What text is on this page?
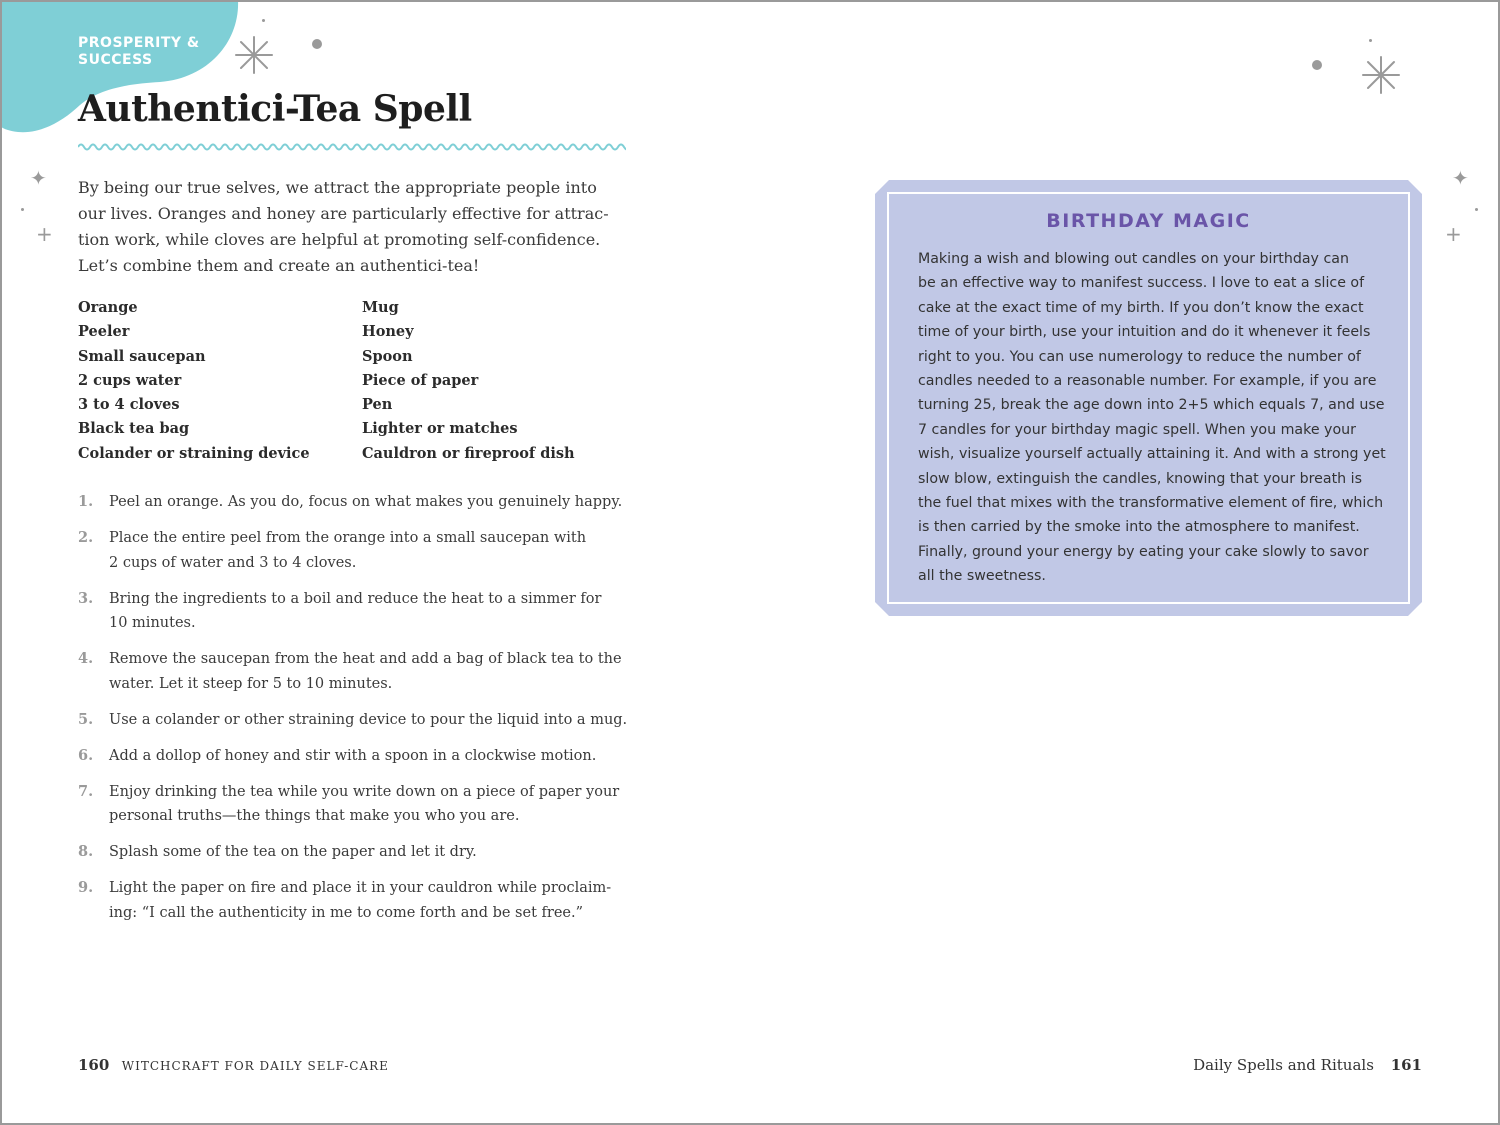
PROSPERITY & SUCCESS
✦
+
Authentici-Tea Spell
By being our true selves, we attract the appropriate people into
our lives. Oranges and honey are particularly effective for attrac-
tion work, while cloves are helpful at promoting self-confidence.
Let’s combine them and create an authentici-tea!
Orange	Mug
Peeler	Honey
Small saucepan	Spoon
2 cups water	Piece of paper
3 to 4 cloves	Pen
Black tea bag	Lighter or matches
Colander or straining device	Cauldron or fireproof dish
1. Peel an orange. As you do, focus on what makes you genuinely happy.
2. Place the entire peel from the orange into a small saucepan with
2 cups of water and 3 to 4 cloves.
3. Bring the ingredients to a boil and reduce the heat to a simmer for
10 minutes.
4. Remove the saucepan from the heat and add a bag of black tea to the
water. Let it steep for 5 to 10 minutes.
5. Use a colander or other straining device to pour the liquid into a mug.
6. Add a dollop of honey and stir with a spoon in a clockwise motion.
7. Enjoy drinking the tea while you write down on a piece of paper your
personal truths—the things that make you who you are.
8. Splash some of the tea on the paper and let it dry.
9. Light the paper on fire and place it in your cauldron while proclaim-
ing: “I call the authenticity in me to come forth and be set free.”
160 WITCHCRAFT FOR DAILY SELF-CARE
✦
+
BIRTHDAY MAGIC
Making a wish and blowing out candles on your birthday can
be an effective way to manifest success. I love to eat a slice of
cake at the exact time of my birth. If you don’t know the exact
time of your birth, use your intuition and do it whenever it feels
right to you. You can use numerology to reduce the number of
candles needed to a reasonable number. For example, if you are
turning 25, break the age down into 2+5 which equals 7, and use
7 candles for your birthday magic spell. When you make your
wish, visualize yourself actually attaining it. And with a strong yet
slow blow, extinguish the candles, knowing that your breath is
the fuel that mixes with the transformative element of fire, which
is then carried by the smoke into the atmosphere to manifest.
Finally, ground your energy by eating your cake slowly to savor
all the sweetness.
Daily Spells and Rituals 161
